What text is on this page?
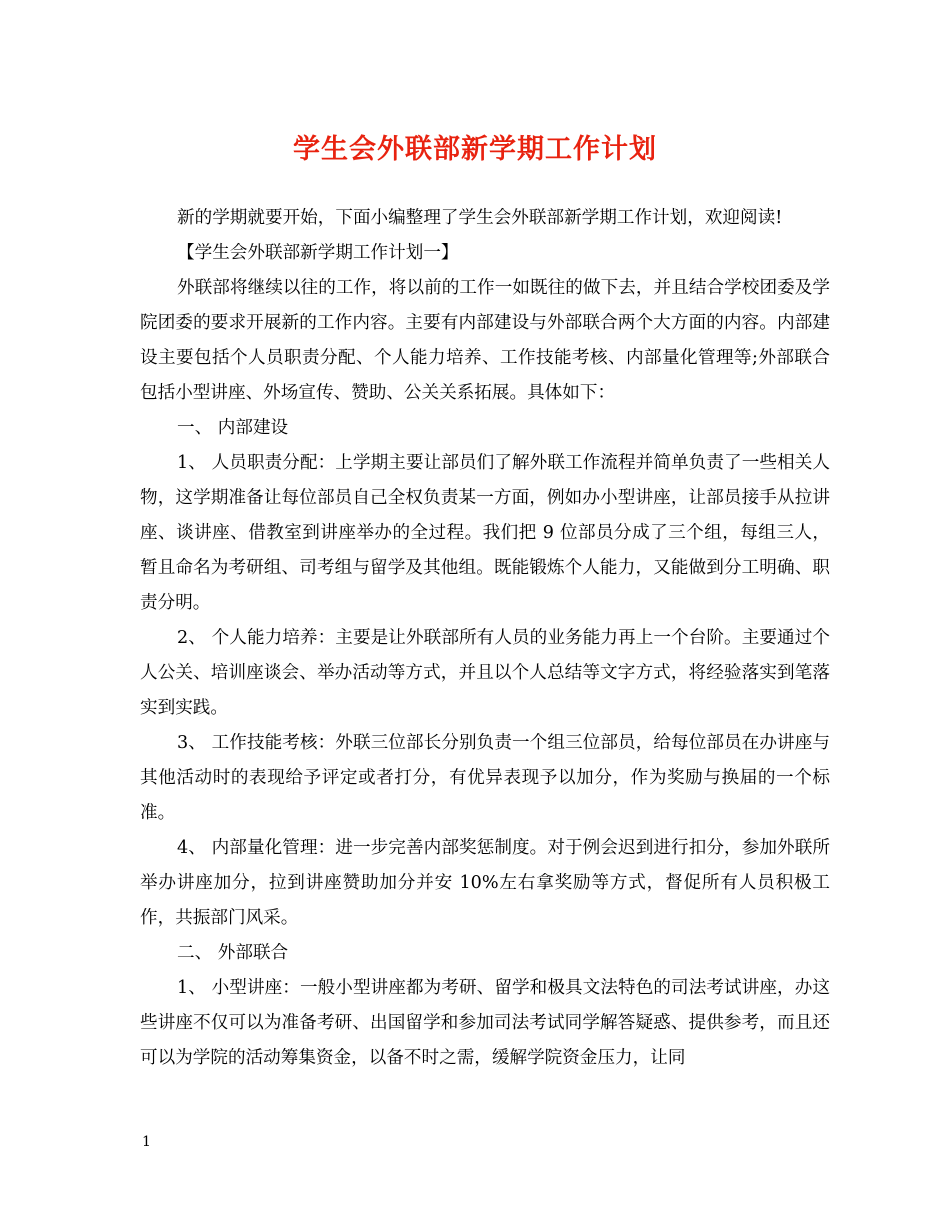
学生会外联部新学期工作计划

新的学期就要开始，下面小编整理了学生会外联部新学期工作计划，欢迎阅读!

【学生会外联部新学期工作计划一】

外联部将继续以往的工作，将以前的工作一如既往的做下去，并且结合学校团委及学院团委的要求开展新的工作内容。主要有内部建设与外部联合两个大方面的内容。内部建设主要包括个人员职责分配、个人能力培养、工作技能考核、内部量化管理等;外部联合包括小型讲座、外场宣传、赞助、公关关系拓展。具体如下：

一、 内部建设

1、 人员职责分配：上学期主要让部员们了解外联工作流程并简单负责了一些相关人物，这学期准备让每位部员自己全权负责某一方面，例如办小型讲座，让部员接手从拉讲座、谈讲座、借教室到讲座举办的全过程。我们把 9 位部员分成了三个组，每组三人，暂且命名为考研组、司考组与留学及其他组。既能锻炼个人能力，又能做到分工明确、职责分明。

2、 个人能力培养：主要是让外联部所有人员的业务能力再上一个台阶。主要通过个人公关、培训座谈会、举办活动等方式，并且以个人总结等文字方式，将经验落实到笔落实到实践。

3、 工作技能考核：外联三位部长分别负责一个组三位部员，给每位部员在办讲座与其他活动时的表现给予评定或者打分，有优异表现予以加分，作为奖励与换届的一个标准。

4、 内部量化管理：进一步完善内部奖惩制度。对于例会迟到进行扣分，参加外联所举办讲座加分，拉到讲座赞助加分并安 10%左右拿奖励等方式，督促所有人员积极工作，共振部门风采。

二、 外部联合

1、 小型讲座：一般小型讲座都为考研、留学和极具文法特色的司法考试讲座，办这些讲座不仅可以为准备考研、出国留学和参加司法考试同学解答疑惑、提供参考，而且还可以为学院的活动筹集资金，以备不时之需，缓解学院资金压力，让同

1
